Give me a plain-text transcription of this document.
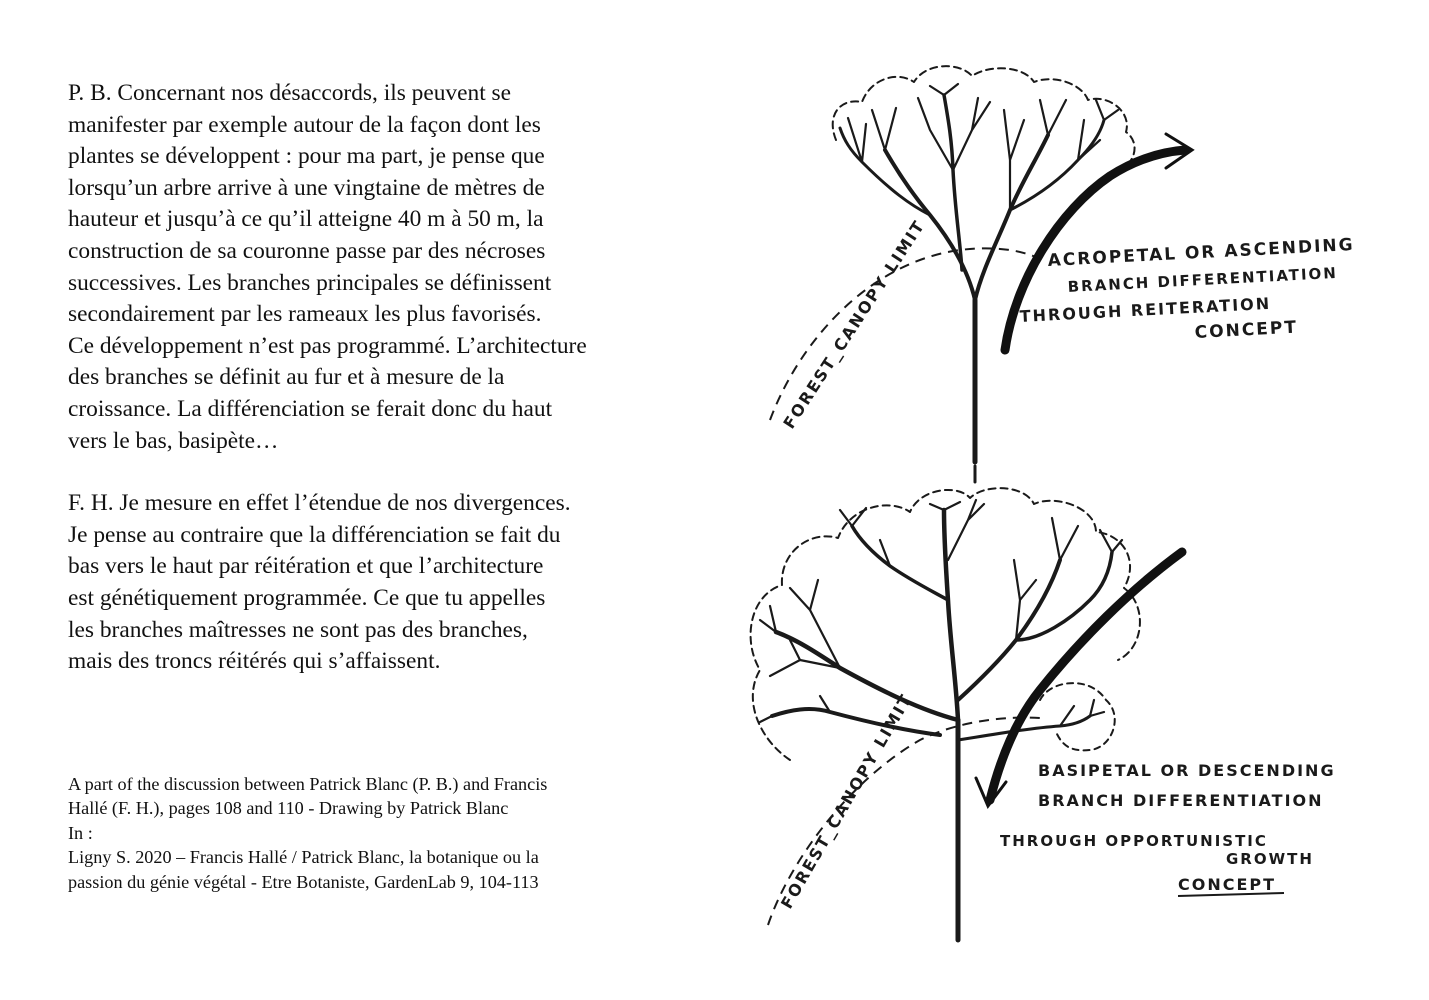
P. B. Concernant nos désaccords, ils peuvent se
manifester par exemple autour de la façon dont les
plantes se développent : pour ma part, je pense que
lorsqu’un arbre arrive à une vingtaine de mètres de
hauteur et jusqu’à ce qu’il atteigne 40 m à 50 m, la
construction de sa couronne passe par des nécroses
successives. Les branches principales se définissent
secondairement par les rameaux les plus favorisés.
Ce développement n’est pas programmé. L’architecture
des branches se définit au fur et à mesure de la
croissance. La différenciation se ferait donc du haut
vers le bas, basipète…

F. H. Je mesure en effet l’étendue de nos divergences.
Je pense au contraire que la différenciation se fait du
bas vers le haut par réitération et que l’architecture
est génétiquement programmée. Ce que tu appelles
les branches maîtresses ne sont pas des branches,
mais des troncs réitérés qui s’affaissent.

A part of the discussion between Patrick Blanc (P. B.) and Francis
Hallé (F. H.), pages 108 and 110 - Drawing by Patrick Blanc
In :
Ligny S. 2020 – Francis Hallé / Patrick Blanc, la botanique ou la
passion du génie végétal - Etre Botaniste, GardenLab 9, 104-113
FOREST_CANOPY LIMIT	ACROPETAL OR ASCENDING
BRANCH DIFFERENTIATION
THROUGH REITERATION
CONCEPT
FOREST_CANOPY LIMIT	BASIPETAL OR DESCENDING
BRANCH DIFFERENTIATION
THROUGH OPPORTUNISTIC
GROWTH
CONCEPT
